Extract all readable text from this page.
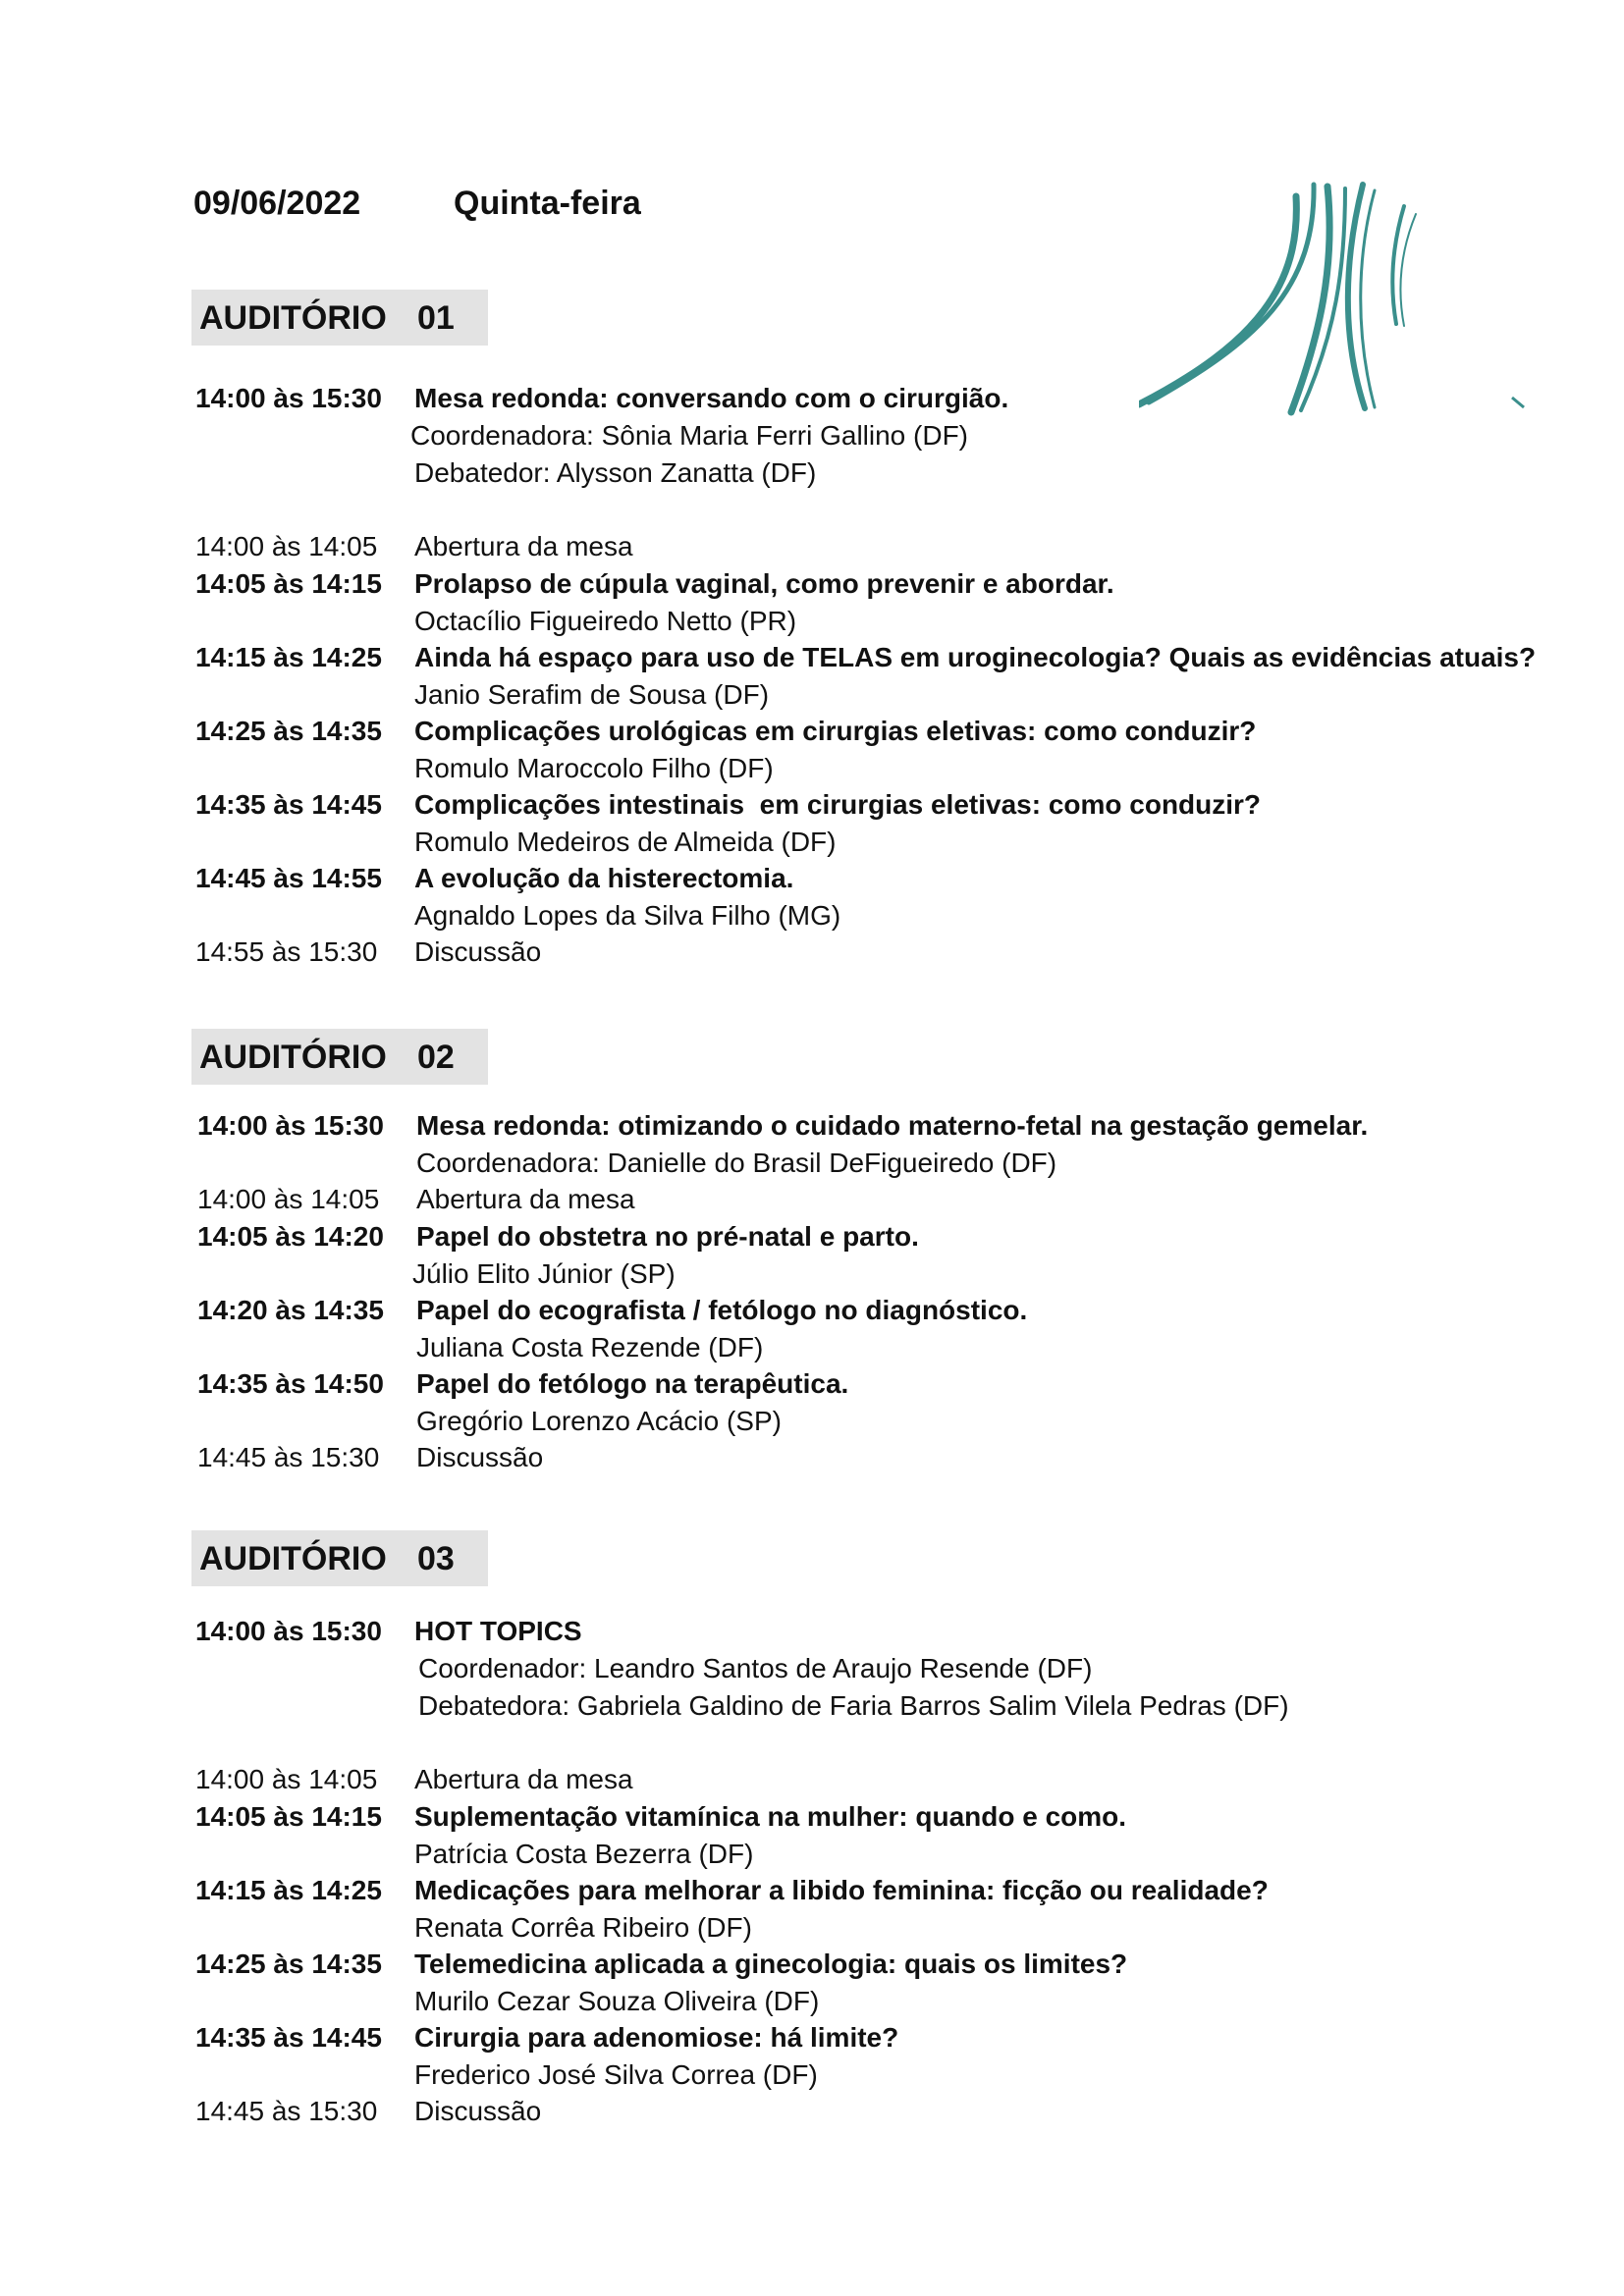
09/06/2022	Quinta-feira
AUDITÓRIO 01
14:00 às 15:30 Mesa redonda: conversando com o cirurgião.
Coordenadora: Sônia Maria Ferri Gallino (DF)
Debatedor: Alysson Zanatta (DF)
14:00 às 14:05 Abertura da mesa
14:05 às 14:15 Prolapso de cúpula vaginal, como prevenir e abordar.
Octacílio Figueiredo Netto (PR)
14:15 às 14:25 Ainda há espaço para uso de TELAS em uroginecologia? Quais as evidências atuais?
Janio Serafim de Sousa (DF)
14:25 às 14:35 Complicações urológicas em cirurgias eletivas: como conduzir?
Romulo Maroccolo Filho (DF)
14:35 às 14:45 Complicações intestinais  em cirurgias eletivas: como conduzir?
Romulo Medeiros de Almeida (DF)
14:45 às 14:55 A evolução da histerectomia.
Agnaldo Lopes da Silva Filho (MG)
14:55 às 15:30 Discussão
AUDITÓRIO 02
14:00 às 15:30 Mesa redonda: otimizando o cuidado materno-fetal na gestação gemelar.
Coordenadora: Danielle do Brasil DeFigueiredo (DF)
14:00 às 14:05 Abertura da mesa
14:05 às 14:20 Papel do obstetra no pré-natal e parto.
Júlio Elito Júnior (SP)
14:20 às 14:35 Papel do ecografista / fetólogo no diagnóstico.
Juliana Costa Rezende (DF)
14:35 às 14:50 Papel do fetólogo na terapêutica.
Gregório Lorenzo Acácio (SP)
14:45 às 15:30 Discussão
AUDITÓRIO 03
14:00 às 15:30 HOT TOPICS
Coordenador: Leandro Santos de Araujo Resende (DF)
Debatedora: Gabriela Galdino de Faria Barros Salim Vilela Pedras (DF)
14:00 às 14:05 Abertura da mesa
14:05 às 14:15 Suplementação vitamínica na mulher: quando e como.
Patrícia Costa Bezerra (DF)
14:15 às 14:25 Medicações para melhorar a libido feminina: ficção ou realidade?
Renata Corrêa Ribeiro (DF)
14:25 às 14:35 Telemedicina aplicada a ginecologia: quais os limites?
Murilo Cezar Souza Oliveira (DF)
14:35 às 14:45 Cirurgia para adenomiose: há limite?
Frederico José Silva Correa (DF)
14:45 às 15:30 Discussão
